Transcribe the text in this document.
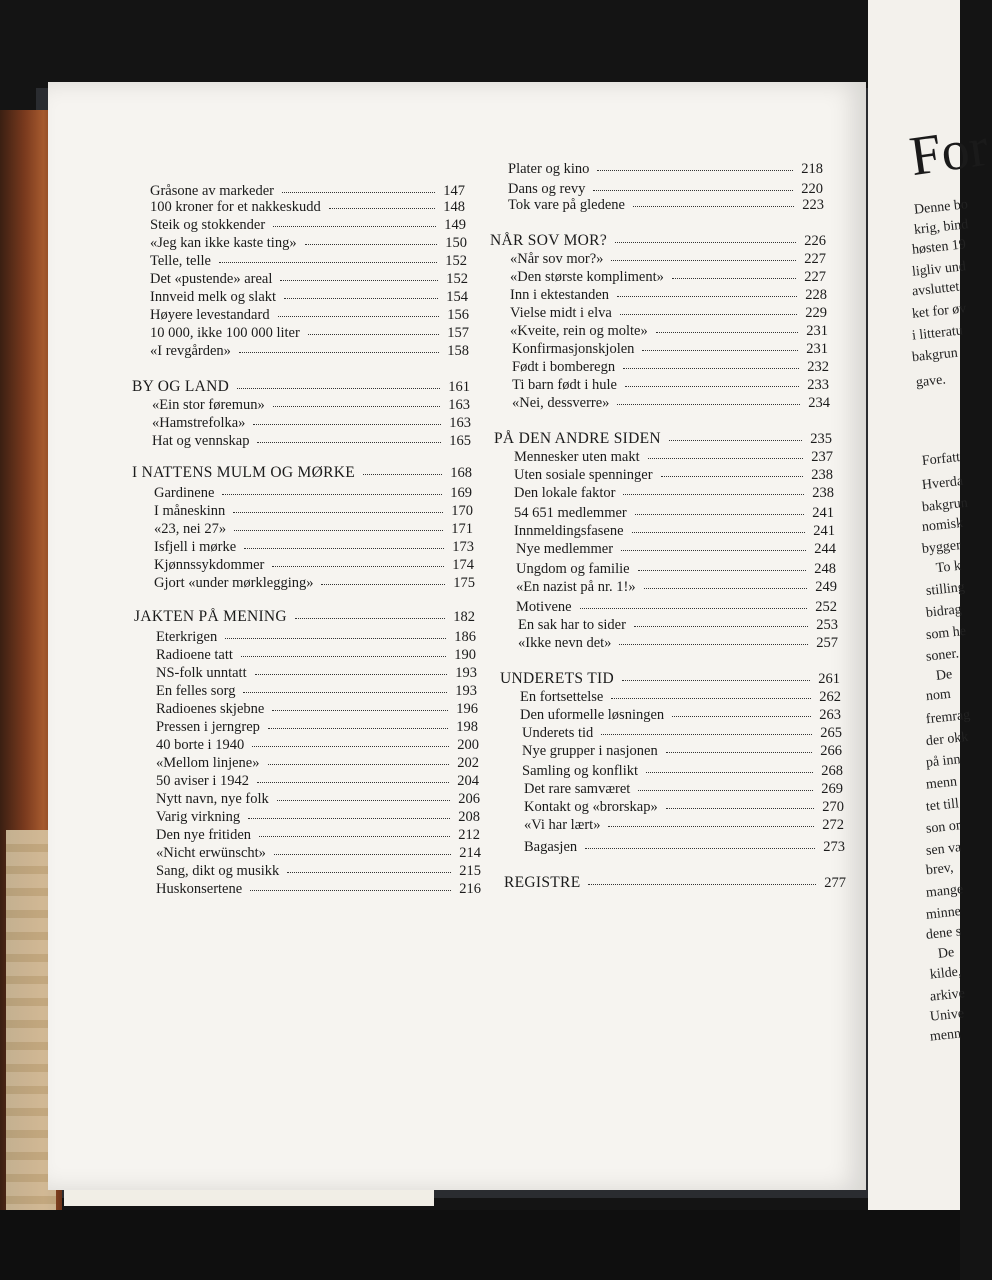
For
Denne bo
krig, bind
høsten 19
ligliv und
avsluttet
ket for øv
i litteratu
bakgrun
gave.
Forfatt
Hverda
bakgrun
nomisk
bygger
To k
stilling
bidrag
som he
soner.
De
nom
fremrag
der okk
på inn
menn
tet till
son or
sen va
brev,
mange
minne
dene s
De
kilde,
arkive
Unive
menn
Gråsone av markeder	147
100 kroner for et nakkeskudd	148
Steik og stokkender	149
«Jeg kan ikke kaste ting»	150
Telle, telle	152
Det «pustende» areal	152
Innveid melk og slakt	154
Høyere levestandard	156
10 000, ikke 100 000 liter	157
«I revgården»	158
BY OG LAND	161
«Ein stor føremun»	163
«Hamstrefolka»	163
Hat og vennskap	165
I NATTENS MULM OG MØRKE	168
Gardinene	169
I måneskinn	170
«23, nei 27»	171
Isfjell i mørke	173
Kjønnssykdommer	174
Gjort «under mørklegging»	175
JAKTEN PÅ MENING	182
Eterkrigen	186
Radioene tatt	190
NS-folk unntatt	193
En felles sorg	193
Radioenes skjebne	196
Pressen i jerngrep	198
40 borte i 1940	200
«Mellom linjene»	202
50 aviser i 1942	204
Nytt navn, nye folk	206
Varig virkning	208
Den nye fritiden	212
«Nicht erwünscht»	214
Sang, dikt og musikk	215
Huskonsertene	216
Plater og kino	218
Dans og revy	220
Tok vare på gledene	223
NÅR SOV MOR?	226
«Når sov mor?»	227
«Den største kompliment»	227
Inn i ektestanden	228
Vielse midt i elva	229
«Kveite, rein og molte»	231
Konfirmasjonskjolen	231
Født i bomberegn	232
Ti barn født i hule	233
«Nei, dessverre»	234
PÅ DEN ANDRE SIDEN	235
Mennesker uten makt	237
Uten sosiale spenninger	238
Den lokale faktor	238
54 651 medlemmer	241
Innmeldingsfasene	241
Nye medlemmer	244
Ungdom og familie	248
«En nazist på nr. 1!»	249
Motivene	252
En sak har to sider	253
«Ikke nevn det»	257
UNDERETS TID	261
En fortsettelse	262
Den uformelle løsningen	263
Underets tid	265
Nye grupper i nasjonen	266
Samling og konflikt	268
Det rare samværet	269
Kontakt og «brorskap»	270
«Vi har lært»	272
Bagasjen	273
REGISTRE	277
